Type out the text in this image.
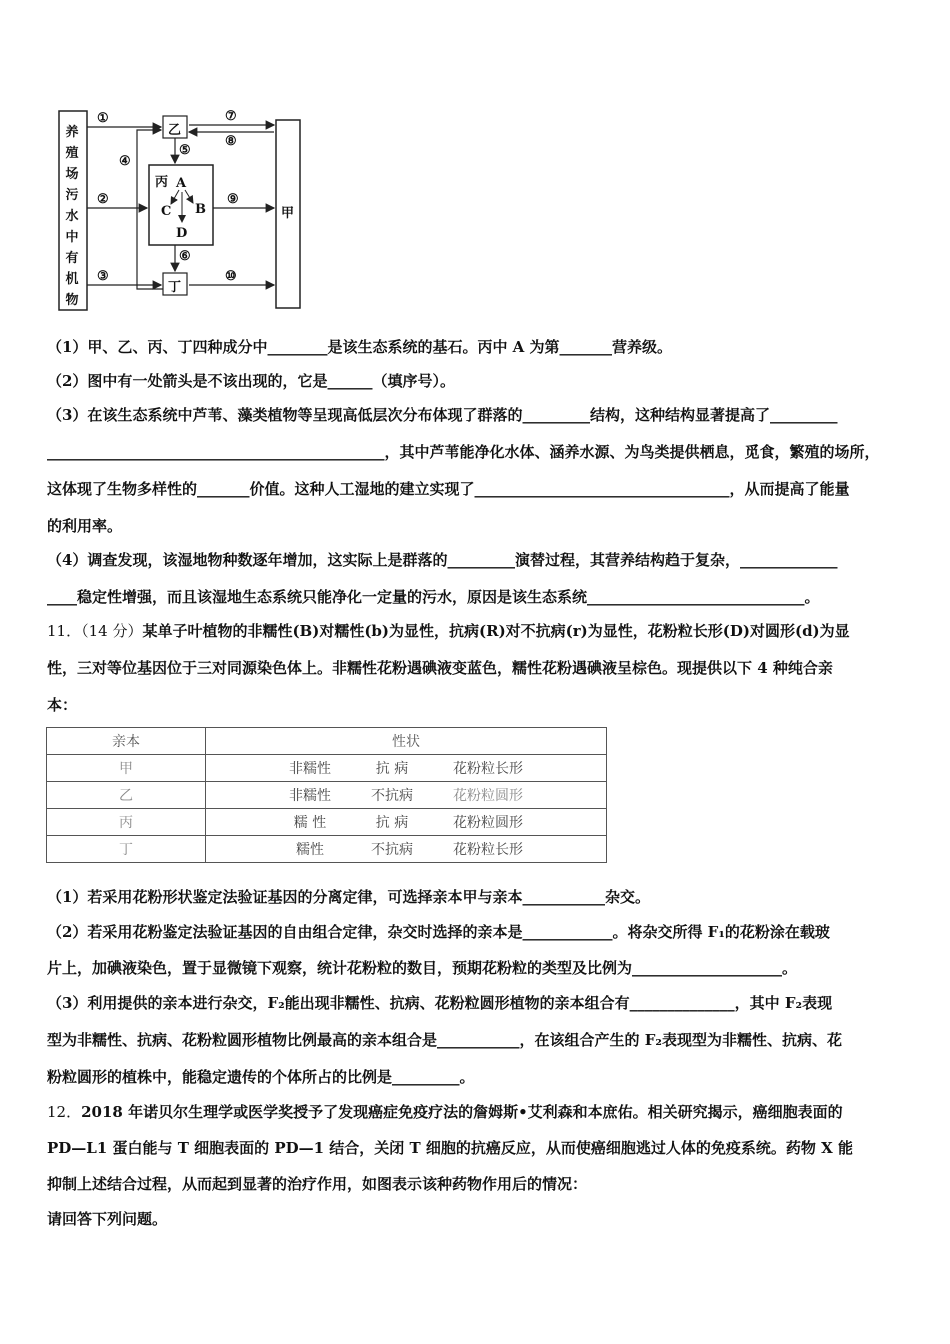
养殖场污水中有机物
乙
丙
丁
甲
A
B
C
D
①
②
③
④
⑤
⑥
⑦
⑧
⑨
⑩
（1）甲、乙、丙、丁四种成分中________是该生态系统的基石。丙中 A 为第_______营养级。
（2）图中有一处箭头是不该出现的，它是______（填序号）。
（3）在该生态系统中芦苇、藻类植物等呈现高低层次分布体现了群落的_________结构，这种结构显著提高了_________
_____________________________________________，其中芦苇能净化水体、涵养水源、为鸟类提供栖息，觅食，繁殖的场所，
这体现了生物多样性的_______价值。这种人工湿地的建立实现了__________________________________，从而提高了能量
的利用率。
（4）调查发现，该湿地物种数逐年增加，这实际上是群落的_________演替过程，其营养结构趋于复杂，_____________
____稳定性增强，而且该湿地生态系统只能净化一定量的污水，原因是该生态系统_____________________________。
11．（14 分）某单子叶植物的非糯性(B)对糯性(b)为显性，抗病(R)对不抗病(r)为显性，花粉粒长形(D)对圆形(d)为显
性，三对等位基因位于三对同源染色体上。非糯性花粉遇碘液变蓝色，糯性花粉遇碘液呈棕色。现提供以下 4 种纯合亲
本：
亲本	性状
甲	非糯性 抗 病 花粉粒长形
乙	非糯性 不抗病 花粉粒圆形
丙	糯 性 抗 病 花粉粒圆形
丁	糯性 不抗病 花粉粒长形
（1）若采用花粉形状鉴定法验证基因的分离定律，可选择亲本甲与亲本___________杂交。
（2）若采用花粉鉴定法验证基因的自由组合定律，杂交时选择的亲本是____________。将杂交所得 F₁的花粉涂在载玻
片上，加碘液染色，置于显微镜下观察，统计花粉粒的数目，预期花粉粒的类型及比例为____________________。
（3）利用提供的亲本进行杂交，F₂能出现非糯性、抗病、花粉粒圆形植物的亲本组合有______________，其中 F₂表现
型为非糯性、抗病、花粉粒圆形植物比例最高的亲本组合是___________，在该组合产生的 F₂表现型为非糯性、抗病、花
粉粒圆形的植株中，能稳定遗传的个体所占的比例是_________。
12．2018 年诺贝尔生理学或医学奖授予了发现癌症免疫疗法的詹姆斯•艾利森和本庶佑。相关研究揭示，癌细胞表面的
PD—L1 蛋白能与 T 细胞表面的 PD—1 结合，关闭 T 细胞的抗癌反应，从而使癌细胞逃过人体的免疫系统。药物 X 能
抑制上述结合过程，从而起到显著的治疗作用，如图表示该种药物作用后的情况：
请回答下列问题。
